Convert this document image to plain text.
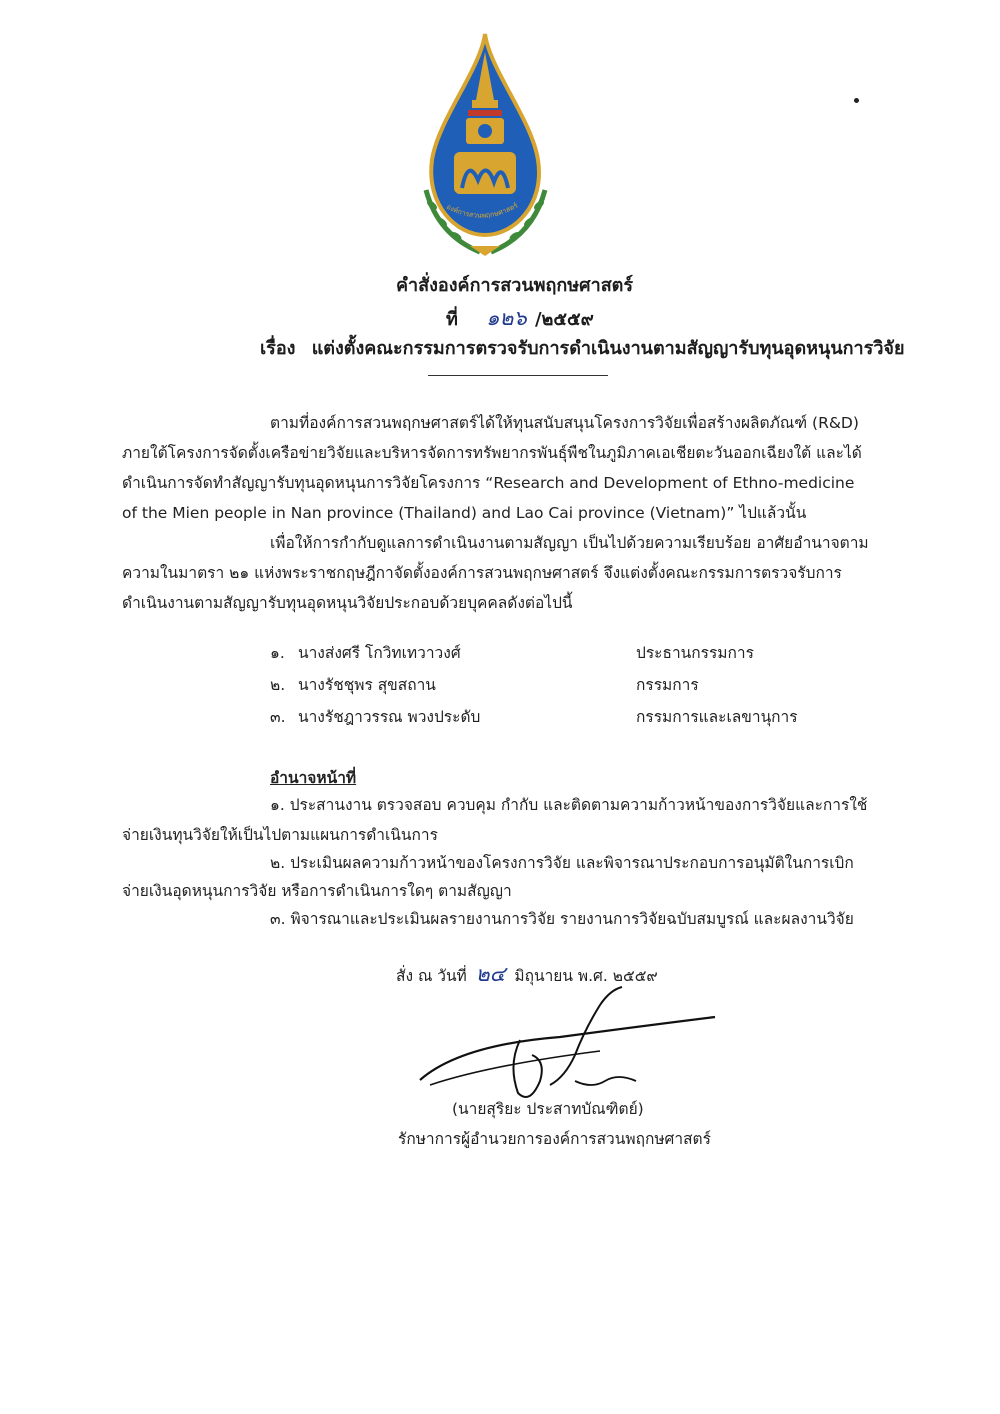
องค์การสวนพฤกษศาสตร์
คำสั่งองค์การสวนพฤกษศาสตร์
ที่ ๑๒๖ /๒๕๕๙
เรื่อง แต่งตั้งคณะกรรมการตรวจรับการดำเนินงานตามสัญญารับทุนอุดหนุนการวิจัย
ตามที่องค์การสวนพฤกษศาสตร์ได้ให้ทุนสนับสนุนโครงการวิจัยเพื่อสร้างผลิตภัณฑ์ (R&D)
ภายใต้โครงการจัดตั้งเครือข่ายวิจัยและบริหารจัดการทรัพยากรพันธุ์พืชในภูมิภาคเอเชียตะวันออกเฉียงใต้ และได้
ดำเนินการจัดทำสัญญารับทุนอุดหนุนการวิจัยโครงการ “Research and Development of Ethno-medicine
of the Mien people in Nan province (Thailand) and Lao Cai province (Vietnam)” ไปแล้วนั้น
เพื่อให้การกำกับดูแลการดำเนินงานตามสัญญา เป็นไปด้วยความเรียบร้อย อาศัยอำนาจตาม
ความในมาตรา ๒๑ แห่งพระราชกฤษฎีกาจัดตั้งองค์การสวนพฤกษศาสตร์ จึงแต่งตั้งคณะกรรมการตรวจรับการ
ดำเนินงานตามสัญญารับทุนอุดหนุนวิจัยประกอบด้วยบุคคลดังต่อไปนี้
๑. นางส่งศรี โกวิทเทวาวงศ์	ประธานกรรมการ
๒. นางรัชชุพร สุขสถาน	กรรมการ
๓. นางรัชฎาวรรณ พวงประดับ	กรรมการและเลขานุการ
อำนาจหน้าที่
๑. ประสานงาน ตรวจสอบ ควบคุม กำกับ และติดตามความก้าวหน้าของการวิจัยและการใช้
จ่ายเงินทุนวิจัยให้เป็นไปตามแผนการดำเนินการ
๒. ประเมินผลความก้าวหน้าของโครงการวิจัย และพิจารณาประกอบการอนุมัติในการเบิก
จ่ายเงินอุดหนุนการวิจัย หรือการดำเนินการใดๆ ตามสัญญา
๓. พิจารณาและประเมินผลรายงานการวิจัย รายงานการวิจัยฉบับสมบูรณ์ และผลงานวิจัย
สั่ง ณ วันที่ ๒๔ มิถุนายน พ.ศ. ๒๕๕๙
(นายสุริยะ ประสาทบัณฑิตย์)
รักษาการผู้อำนวยการองค์การสวนพฤกษศาสตร์
